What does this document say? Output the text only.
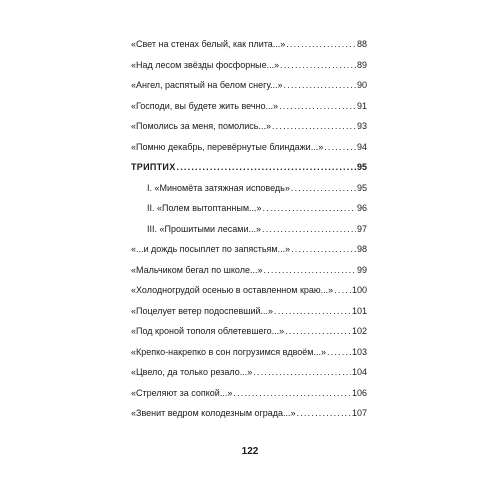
«Свет на стенах белый, как плита...» .....	88
«Над лесом звёзды фосфорные...» .....	89
«Ангел, распятый на белом снегу...» .....	90
«Господи, вы будете жить вечно...» .....	91
«Помолись за меня, помолись...» .....	93
«Помню декабрь, перевёрнутые блиндажи...» .....	94
ТРИПТИХ .....	95
I. «Миномёта затяжная исповедь» .....	95
II. «Полем вытоптанным...» .....	96
III. «Прошитыми лесами...» .....	97
«...и дождь посыплет по запястьям...» .....	98
«Мальчиком бегал по школе...» .....	99
«Холодногрудой осенью в оставленном краю...» ..... 100
«Поцелует ветер подоспевший...» .....	101
«Под кроной тополя облетевшего...» .....	102
«Крепко-накрепко в сон погрузимся вдвоём...» .....	103
«Цвело, да только резало...» .....	104
«Стреляют за сопкой...» .....	106
«Звенит ведром колодезным ограда...» .....	107
122
